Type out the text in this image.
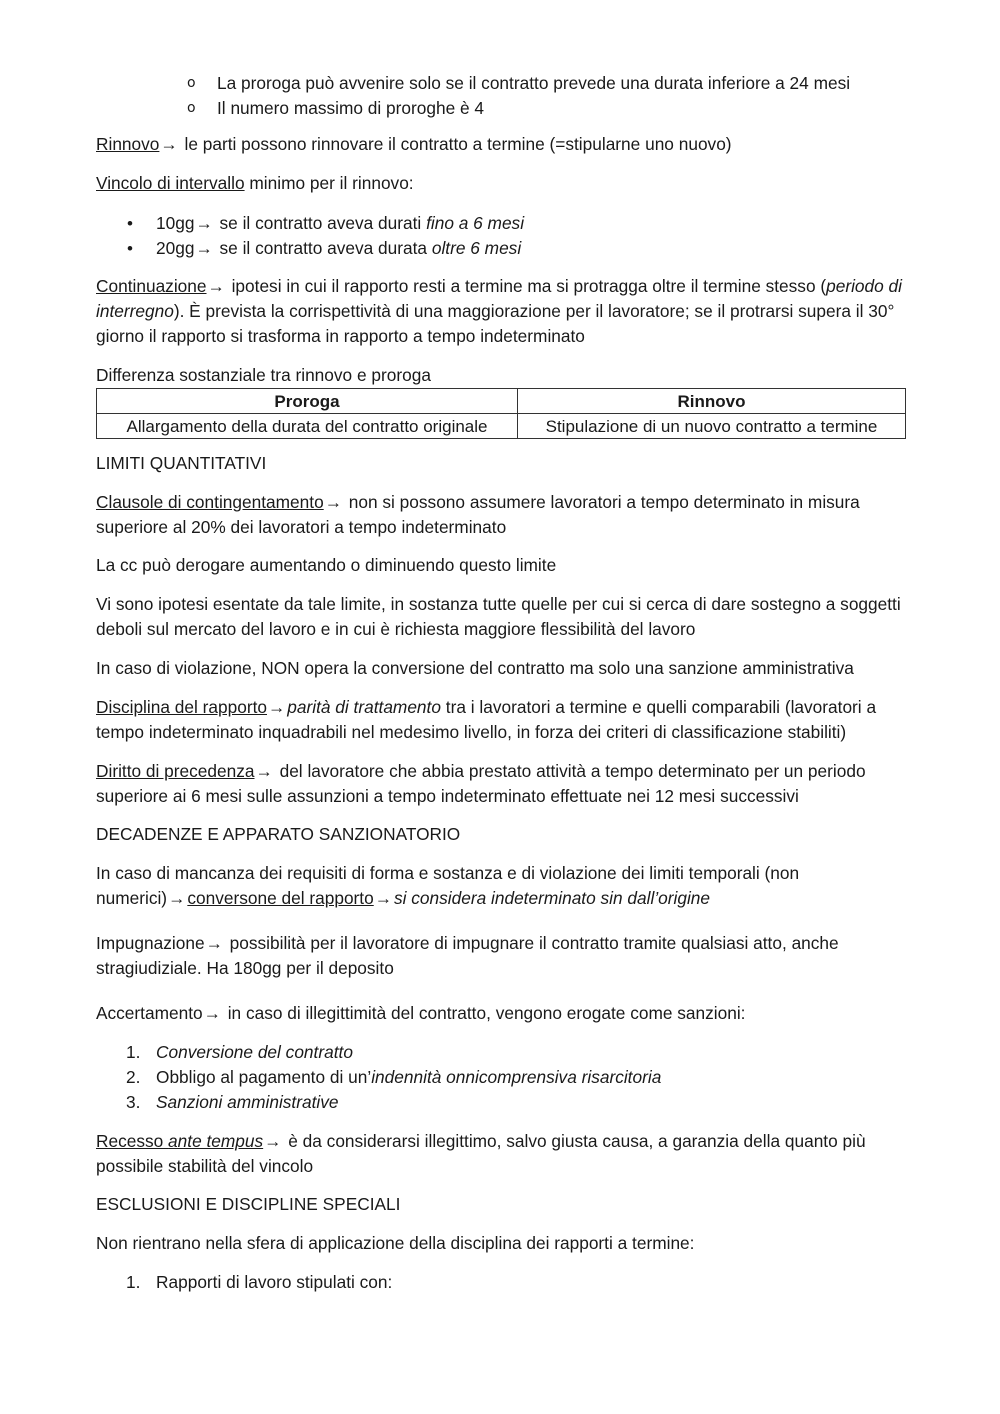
o La proroga può avvenire solo se il contratto prevede una durata inferiore a 24 mesi
o Il numero massimo di proroghe è 4

Rinnovo→ le parti possono rinnovare il contratto a termine (=stipularne uno nuovo)

Vincolo di intervallo minimo per il rinnovo:

• 10gg→ se il contratto aveva durati fino a 6 mesi
• 20gg→ se il contratto aveva durata oltre 6 mesi

Continuazione→ ipotesi in cui il rapporto resti a termine ma si protragga oltre il termine stesso (periodo di interregno). È prevista la corrispettività di una maggiorazione per il lavoratore; se il protrarsi supera il 30° giorno il rapporto si trasforma in rapporto a tempo indeterminato

Differenza sostanziale tra rinnovo e proroga

Proroga	Rinnovo
Allargamento della durata del contratto originale	Stipulazione di un nuovo contratto a termine

LIMITI QUANTITATIVI

Clausole di contingentamento→ non si possono assumere lavoratori a tempo determinato in misura superiore al 20% dei lavoratori a tempo indeterminato

La cc può derogare aumentando o diminuendo questo limite

Vi sono ipotesi esentate da tale limite, in sostanza tutte quelle per cui si cerca di dare sostegno a soggetti deboli sul mercato del lavoro e in cui è richiesta maggiore flessibilità del lavoro

In caso di violazione, NON opera la conversione del contratto ma solo una sanzione amministrativa

Disciplina del rapporto→ parità di trattamento tra i lavoratori a termine e quelli comparabili (lavoratori a tempo indeterminato inquadrabili nel medesimo livello, in forza dei criteri di classificazione stabiliti)

Diritto di precedenza→ del lavoratore che abbia prestato attività a tempo determinato per un periodo superiore ai 6 mesi sulle assunzioni a tempo indeterminato effettuate nei 12 mesi successivi

DECADENZE E APPARATO SANZIONATORIO

In caso di mancanza dei requisiti di forma e sostanza e di violazione dei limiti temporali (non numerici)→ conversone del rapporto→ si considera indeterminato sin dall’origine

Impugnazione→ possibilità per il lavoratore di impugnare il contratto tramite qualsiasi atto, anche stragiudiziale. Ha 180gg per il deposito

Accertamento→ in caso di illegittimità del contratto, vengono erogate come sanzioni:

1. Conversione del contratto
2. Obbligo al pagamento di un’indennità onnicomprensiva risarcitoria
3. Sanzioni amministrative

Recesso ante tempus→ è da considerarsi illegittimo, salvo giusta causa, a garanzia della quanto più possibile stabilità del vincolo

ESCLUSIONI E DISCIPLINE SPECIALI

Non rientrano nella sfera di applicazione della disciplina dei rapporti a termine:

1. Rapporti di lavoro stipulati con:
